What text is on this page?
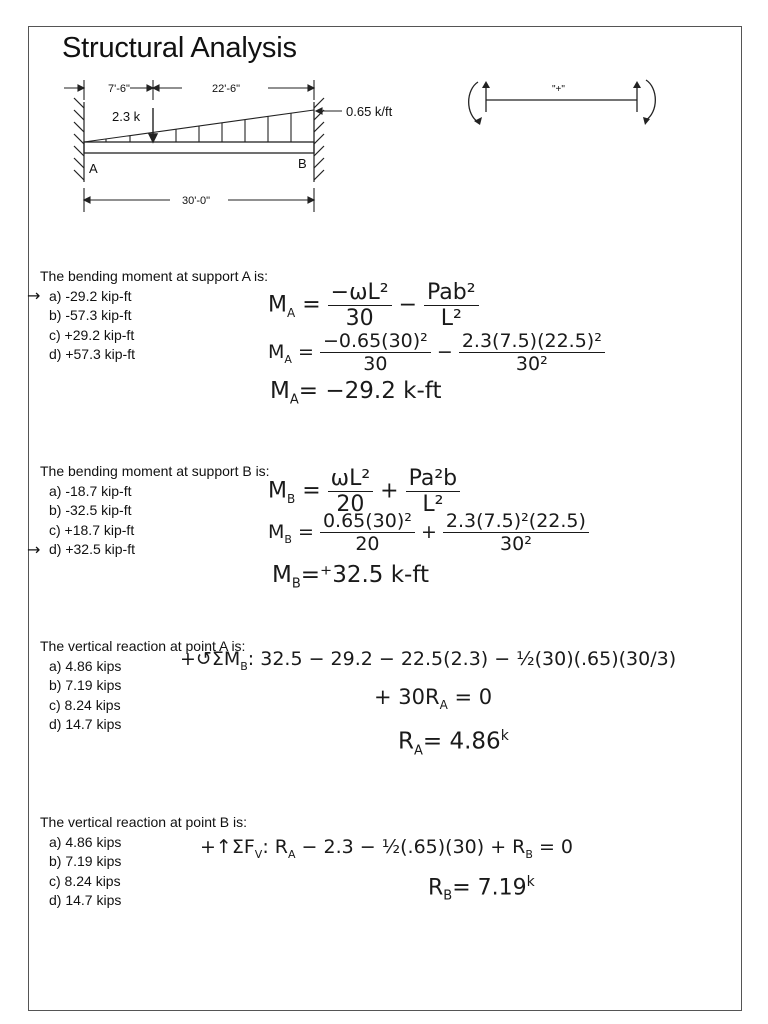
Structural Analysis
7'-6"	22'-6"
30'-0"
2.3 k	0.65 k/ft
A	B
"+"
The bending moment at support A is:
a) -29.2 kip-ft
b) -57.3 kip-ft
c) +29.2 kip-ft
d) +57.3 kip-ft
→
The bending moment at support B is:
a) -18.7 kip-ft
b) -32.5 kip-ft
c) +18.7 kip-ft
d) +32.5 kip-ft
→
The vertical reaction at point A is:
a) 4.86 kips
b) 7.19 kips
c) 8.24 kips
d) 14.7 kips
The vertical reaction at point B is:
a) 4.86 kips
b) 7.19 kips
c) 8.24 kips
d) 14.7 kips
$M_A = \frac{\text{−ωL²}}{30} - \frac{\text{Pab²}}{\text{L²}}$
$M_A = \frac{\text{−0.65(30)²}}{30} - \frac{\text{2.3(7.5)(22.5)²}}{\text{30²}}$
$M_A= -29.2$ k-ft
$M_B = \frac{\text{ωL²}}{20} + \frac{\text{Pa²b}}{\text{L²}}$
$M_B = \frac{\text{0.65(30)²}}{20} + \frac{\text{2.3(7.5)²(22.5)}}{\text{30²}}$
$M_B=^+32.5$ k-ft
$+↺\Sigma M_B$: 32.5 − 29.2 − 22.5(2.3) − ½(30)(.65)(30/3)
+ $30R_A = 0$
$R_A= 4.86^k$
$+↑\Sigma F_V$: $R_A - 2.3$ − ½(.65)(30) + $R_B = 0$
$R_B= 7.19^k$
